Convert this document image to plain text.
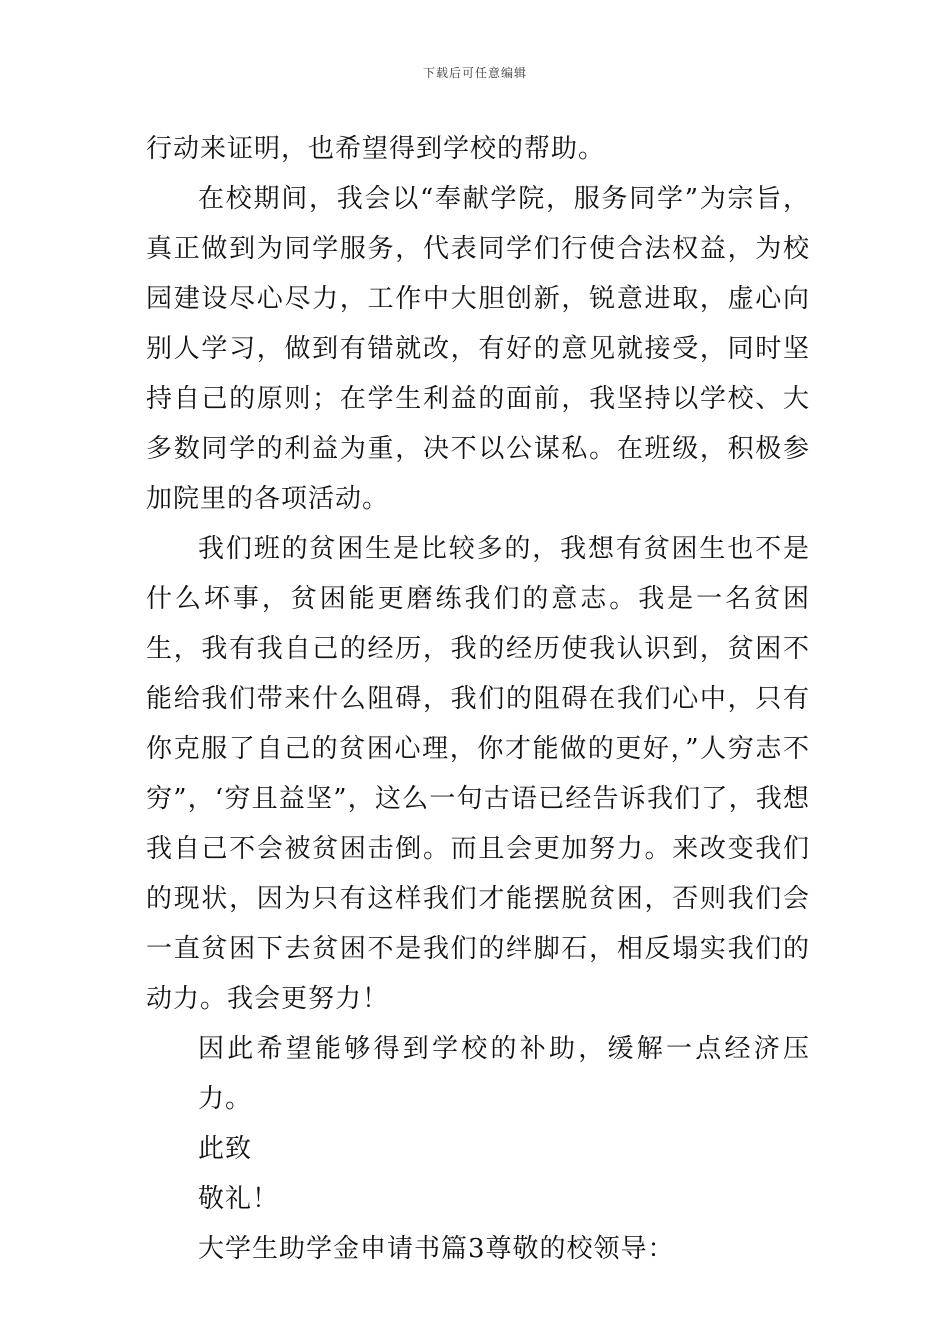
下载后可任意编辑

行动来证明，也希望得到学校的帮助。

在校期间，我会以“奉献学院，服务同学”为宗旨，真正做到为同学服务，代表同学们行使合法权益，为校园建设尽心尽力，工作中大胆创新，锐意进取，虚心向别人学习，做到有错就改，有好的意见就接受，同时坚持自己的原则；在学生利益的面前，我坚持以学校、大多数同学的利益为重，决不以公谋私。在班级，积极参加院里的各项活动。

我们班的贫困生是比较多的，我想有贫困生也不是什么坏事，贫困能更磨练我们的意志。我是一名贫困生，我有我自己的经历，我的经历使我认识到，贫困不能给我们带来什么阻碍，我们的阻碍在我们心中，只有你克服了自己的贫困心理，你才能做的更好，”人穷志不穷”，‘穷且益坚”，这么一句古语已经告诉我们了，我想我自己不会被贫困击倒。而且会更加努力。来改变我们的现状，因为只有这样我们才能摆脱贫困，否则我们会一直贫困下去贫困不是我们的绊脚石，相反塌实我们的动力。我会更努力！

因此希望能够得到学校的补助，缓解一点经济压力。

此致

敬礼！

大学生助学金申请书篇3尊敬的校领导：
